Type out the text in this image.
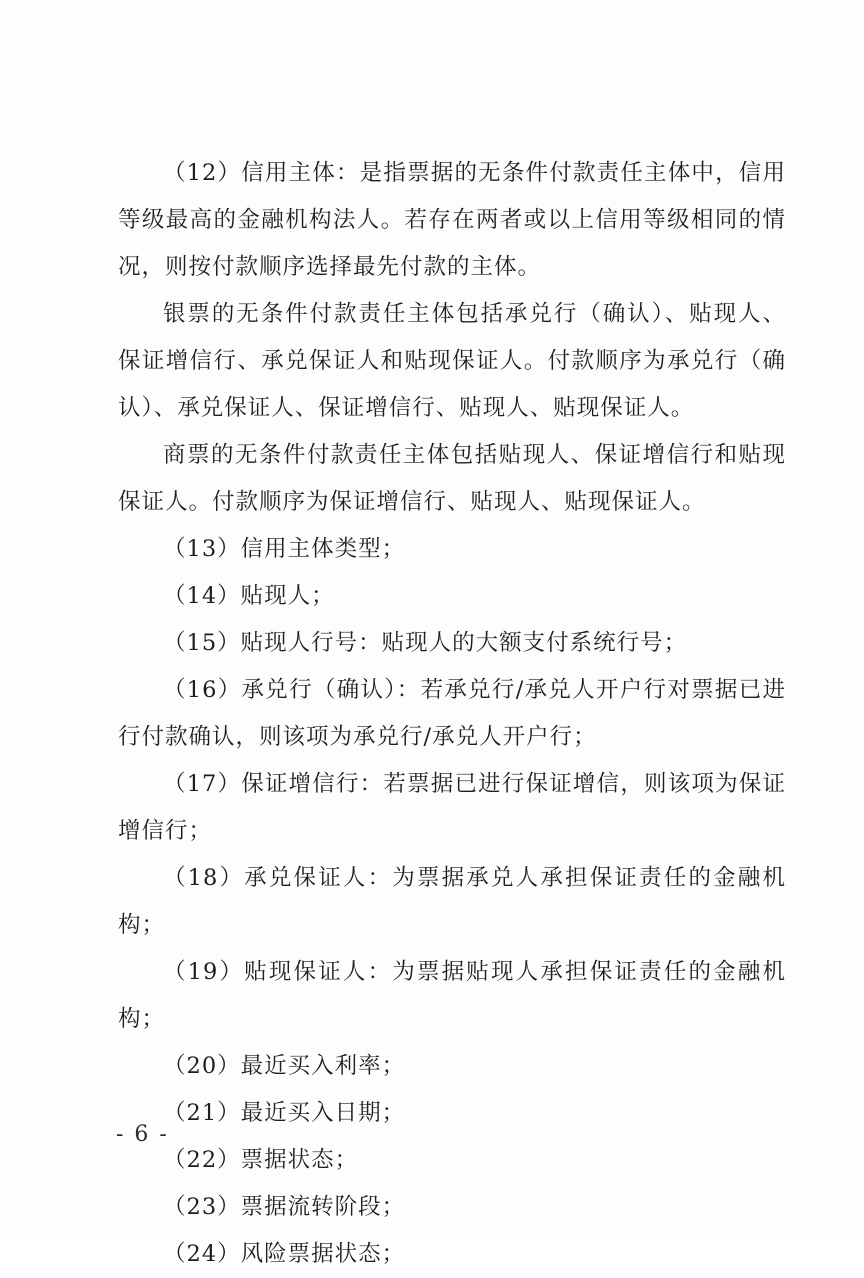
（12）信用主体：是指票据的无条件付款责任主体中，信用等级最高的金融机构法人。若存在两者或以上信用等级相同的情况，则按付款顺序选择最先付款的主体。

银票的无条件付款责任主体包括承兑行（确认）、贴现人、保证增信行、承兑保证人和贴现保证人。付款顺序为承兑行（确认）、承兑保证人、保证增信行、贴现人、贴现保证人。

商票的无条件付款责任主体包括贴现人、保证增信行和贴现保证人。付款顺序为保证增信行、贴现人、贴现保证人。

（13）信用主体类型；

（14）贴现人；

（15）贴现人行号：贴现人的大额支付系统行号；

（16）承兑行（确认）：若承兑行/承兑人开户行对票据已进行付款确认，则该项为承兑行/承兑人开户行；

（17）保证增信行：若票据已进行保证增信，则该项为保证增信行；

（18）承兑保证人：为票据承兑人承担保证责任的金融机构；

（19）贴现保证人：为票据贴现人承担保证责任的金融机构；

（20）最近买入利率；

（21）最近买入日期；

（22）票据状态；

（23）票据流转阶段；

（24）风险票据状态；

- 6 -
